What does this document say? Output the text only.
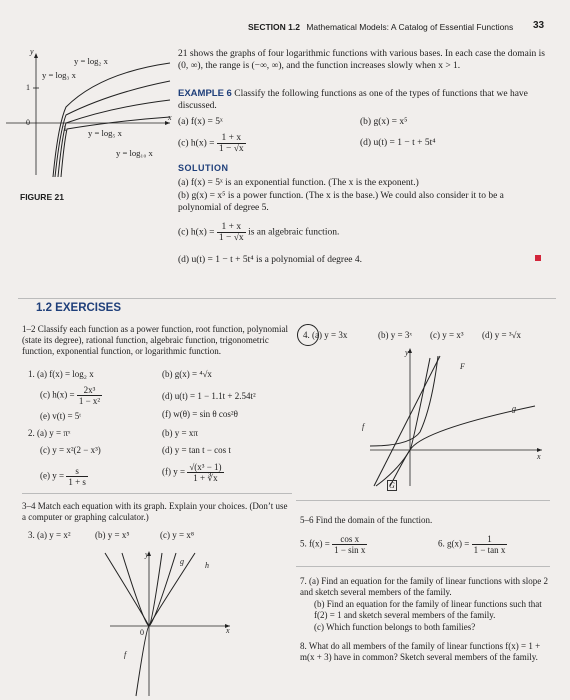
SECTION 1.2 Mathematical Models: A Catalog of Essential Functions 33
y
x
1
0
1
y = log₂ x
y = log₃ x
y = log₅ x
y = log₁₀ x
FIGURE 21
21 shows the graphs of four logarithmic functions with various bases. In each case the domain is (0, ∞), the range is (−∞, ∞), and the function increases slowly when x > 1.
EXAMPLE 6 Classify the following functions as one of the types of functions that we have discussed.
(a) f(x) = 5ˣ	(b) g(x) = x⁵
(c) $h(x) = \frac{1 + x}{1 - √x}$	(d) u(t) = 1 − t + 5t⁴
SOLUTION
(a) f(x) = 5ˣ is an exponential function. (The x is the exponent.)
(b) g(x) = x⁵ is a power function. (The x is the base.) We could also consider it to be a polynomial of degree 5.
(c) $h(x) = \frac{1 + x}{1 - √x}$ is an algebraic function.
(d) u(t) = 1 − t + 5t⁴ is a polynomial of degree 4.
1.2 EXERCISES
1–2 Classify each function as a power function, root function, polynomial (state its degree), rational function, algebraic function, trigonometric function, exponential function, or logarithmic function.
1. (a) f(x) = log₂ x	(b) g(x) = ⁴√x
(c) $h(x) = \frac{\text{2x³}}{\text{1 − x²}}$	(d) u(t) = 1 − 1.1t + 2.54t²
(e) v(t) = 5ᵗ	(f) w(θ) = sin θ cos²θ
2. (a) y = πˣ	(b) y = xπ
(c) y = x²(2 − x³)	(d) y = tan t − cos t
(e) $y = \frac{s}{1 + s}$	(f) $y = \frac{\text{√(x³ − 1)}}{1 + ∛x}$
3–4 Match each equation with its graph. Explain your choices. (Don’t use a computer or graphing calculator.)
3. (a) y = x²	(b) y = x⁵	(c) y = x⁸
y
g	h
0	x
f
4. (a) y = 3x	(b) y = 3ˣ (c) y = x³ (d) y = ³√x
y
F
g
f
x
G
5–6 Find the domain of the function.
5. $f(x) = \frac{\text{cos x}}{\text{1 − sin x}}$	6. $g(x) = \frac{1}{\text{1 − tan x}}$
7. (a) Find an equation for the family of linear functions with slope 2 and sketch several members of the family.
(b) Find an equation for the family of linear functions such that f(2) = 1 and sketch several members of the family.
(c) Which function belongs to both families?
8. What do all members of the family of linear functions f(x) = 1 + m(x + 3) have in common? Sketch several members of the family.
